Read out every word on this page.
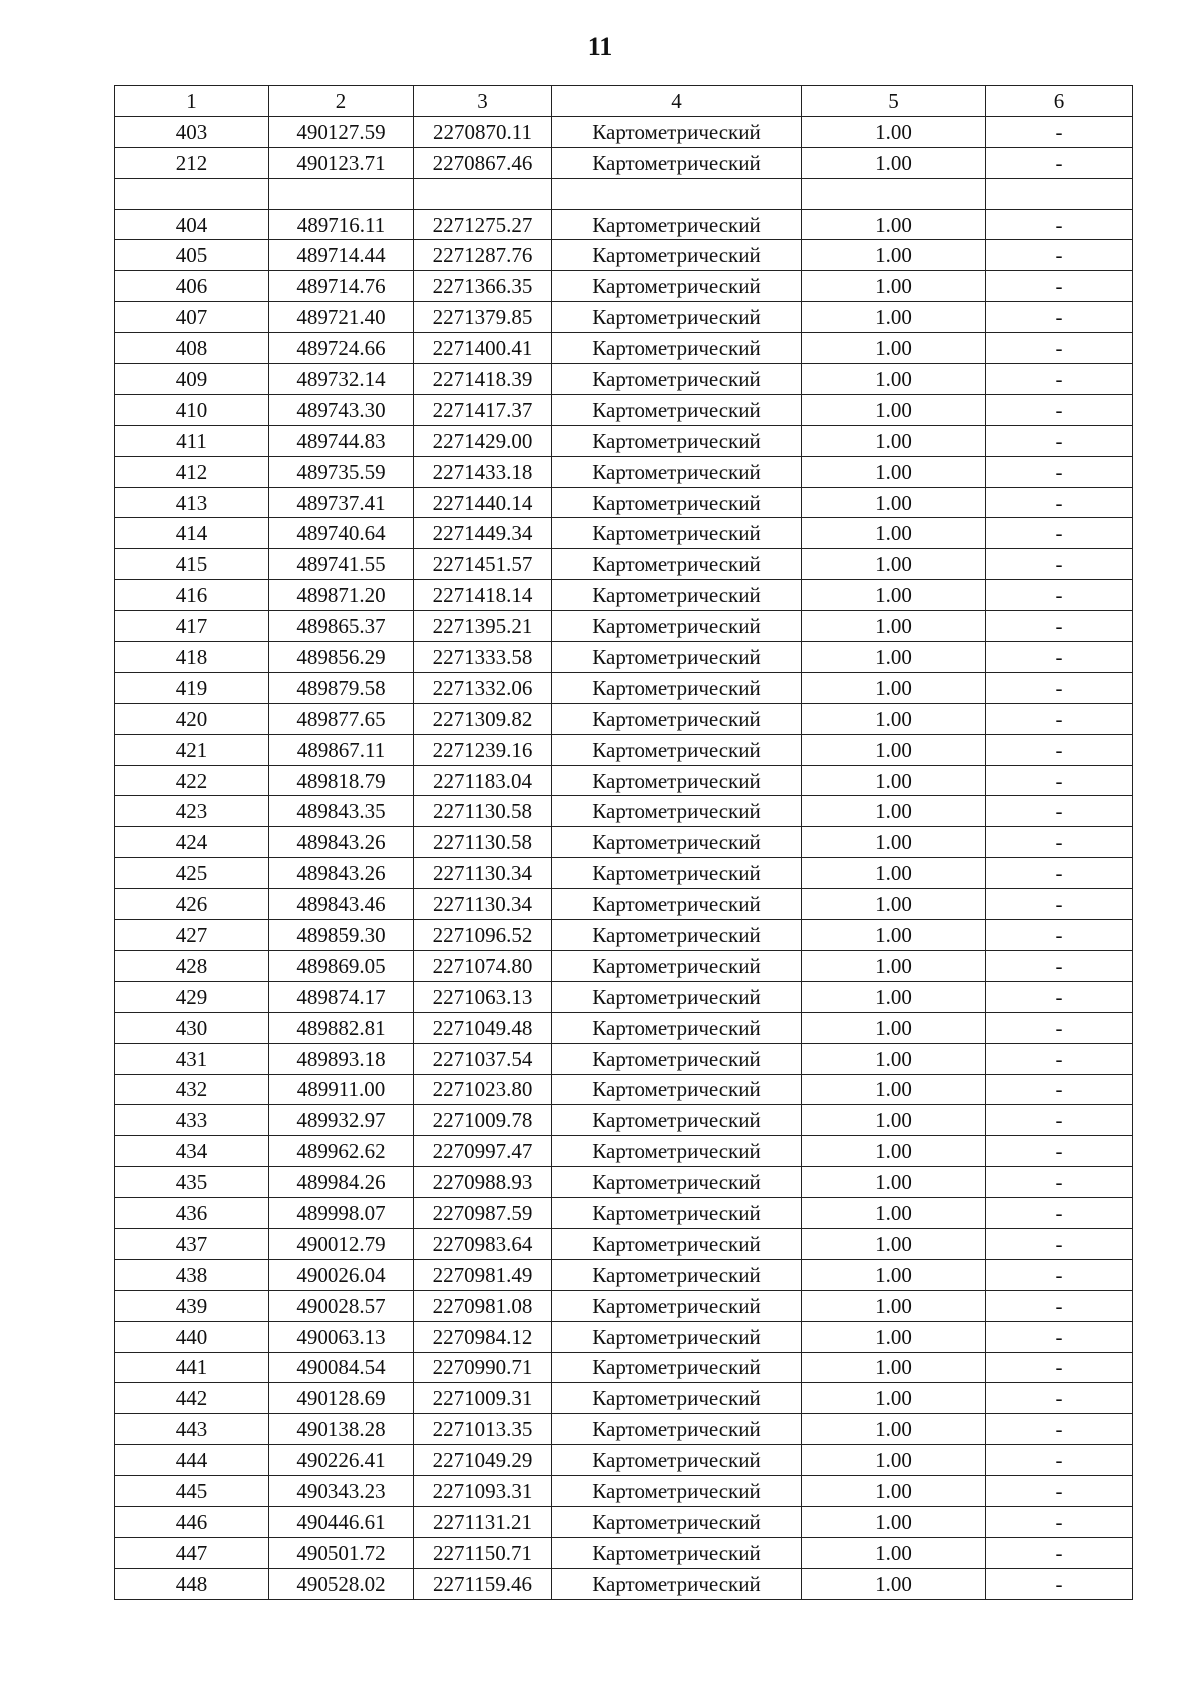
11
1	2	3	4	5	6
403	490127.59	2270870.11	Картометрический	1.00	-
212	490123.71	2270867.46	Картометрический	1.00	-

404	489716.11	2271275.27	Картометрический	1.00	-
405	489714.44	2271287.76	Картометрический	1.00	-
406	489714.76	2271366.35	Картометрический	1.00	-
407	489721.40	2271379.85	Картометрический	1.00	-
408	489724.66	2271400.41	Картометрический	1.00	-
409	489732.14	2271418.39	Картометрический	1.00	-
410	489743.30	2271417.37	Картометрический	1.00	-
411	489744.83	2271429.00	Картометрический	1.00	-
412	489735.59	2271433.18	Картометрический	1.00	-
413	489737.41	2271440.14	Картометрический	1.00	-
414	489740.64	2271449.34	Картометрический	1.00	-
415	489741.55	2271451.57	Картометрический	1.00	-
416	489871.20	2271418.14	Картометрический	1.00	-
417	489865.37	2271395.21	Картометрический	1.00	-
418	489856.29	2271333.58	Картометрический	1.00	-
419	489879.58	2271332.06	Картометрический	1.00	-
420	489877.65	2271309.82	Картометрический	1.00	-
421	489867.11	2271239.16	Картометрический	1.00	-
422	489818.79	2271183.04	Картометрический	1.00	-
423	489843.35	2271130.58	Картометрический	1.00	-
424	489843.26	2271130.58	Картометрический	1.00	-
425	489843.26	2271130.34	Картометрический	1.00	-
426	489843.46	2271130.34	Картометрический	1.00	-
427	489859.30	2271096.52	Картометрический	1.00	-
428	489869.05	2271074.80	Картометрический	1.00	-
429	489874.17	2271063.13	Картометрический	1.00	-
430	489882.81	2271049.48	Картометрический	1.00	-
431	489893.18	2271037.54	Картометрический	1.00	-
432	489911.00	2271023.80	Картометрический	1.00	-
433	489932.97	2271009.78	Картометрический	1.00	-
434	489962.62	2270997.47	Картометрический	1.00	-
435	489984.26	2270988.93	Картометрический	1.00	-
436	489998.07	2270987.59	Картометрический	1.00	-
437	490012.79	2270983.64	Картометрический	1.00	-
438	490026.04	2270981.49	Картометрический	1.00	-
439	490028.57	2270981.08	Картометрический	1.00	-
440	490063.13	2270984.12	Картометрический	1.00	-
441	490084.54	2270990.71	Картометрический	1.00	-
442	490128.69	2271009.31	Картометрический	1.00	-
443	490138.28	2271013.35	Картометрический	1.00	-
444	490226.41	2271049.29	Картометрический	1.00	-
445	490343.23	2271093.31	Картометрический	1.00	-
446	490446.61	2271131.21	Картометрический	1.00	-
447	490501.72	2271150.71	Картометрический	1.00	-
448	490528.02	2271159.46	Картометрический	1.00	-
